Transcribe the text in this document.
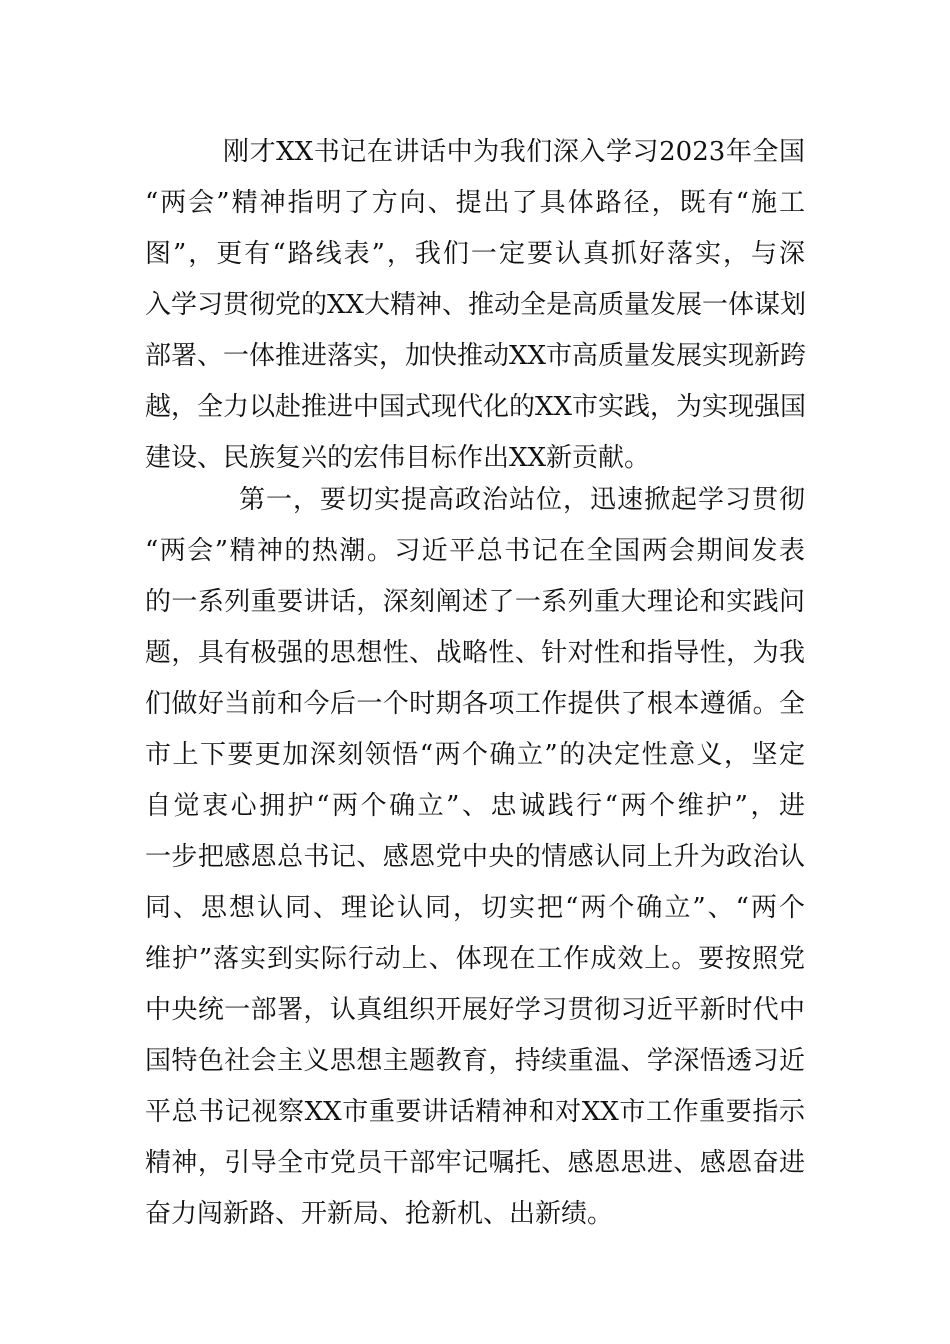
刚才XX书记在讲话中为我们深入学习2023年全国
“两会”精神指明了方向、提出了具体路径，既有“施工
图”，更有“路线表”，我们一定要认真抓好落实，与深
入学习贯彻党的XX大精神、推动全是高质量发展一体谋划
部署、一体推进落实，加快推动XX市高质量发展实现新跨
越，全力以赴推进中国式现代化的XX市实践，为实现强国
建设、民族复兴的宏伟目标作出XX新贡献。
第一，要切实提高政治站位，迅速掀起学习贯彻
“两会”精神的热潮。习近平总书记在全国两会期间发表
的一系列重要讲话，深刻阐述了一系列重大理论和实践问
题，具有极强的思想性、战略性、针对性和指导性，为我
们做好当前和今后一个时期各项工作提供了根本遵循。全
市上下要更加深刻领悟“两个确立”的决定性意义，坚定
自觉衷心拥护“两个确立”、忠诚践行“两个维护”，进
一步把感恩总书记、感恩党中央的情感认同上升为政治认
同、思想认同、理论认同，切实把“两个确立”、“两个
维护”落实到实际行动上、体现在工作成效上。要按照党
中央统一部署，认真组织开展好学习贯彻习近平新时代中
国特色社会主义思想主题教育，持续重温、学深悟透习近
平总书记视察XX市重要讲话精神和对XX市工作重要指示
精神，引导全市党员干部牢记嘱托、感恩思进、感恩奋进
奋力闯新路、开新局、抢新机、出新绩。
